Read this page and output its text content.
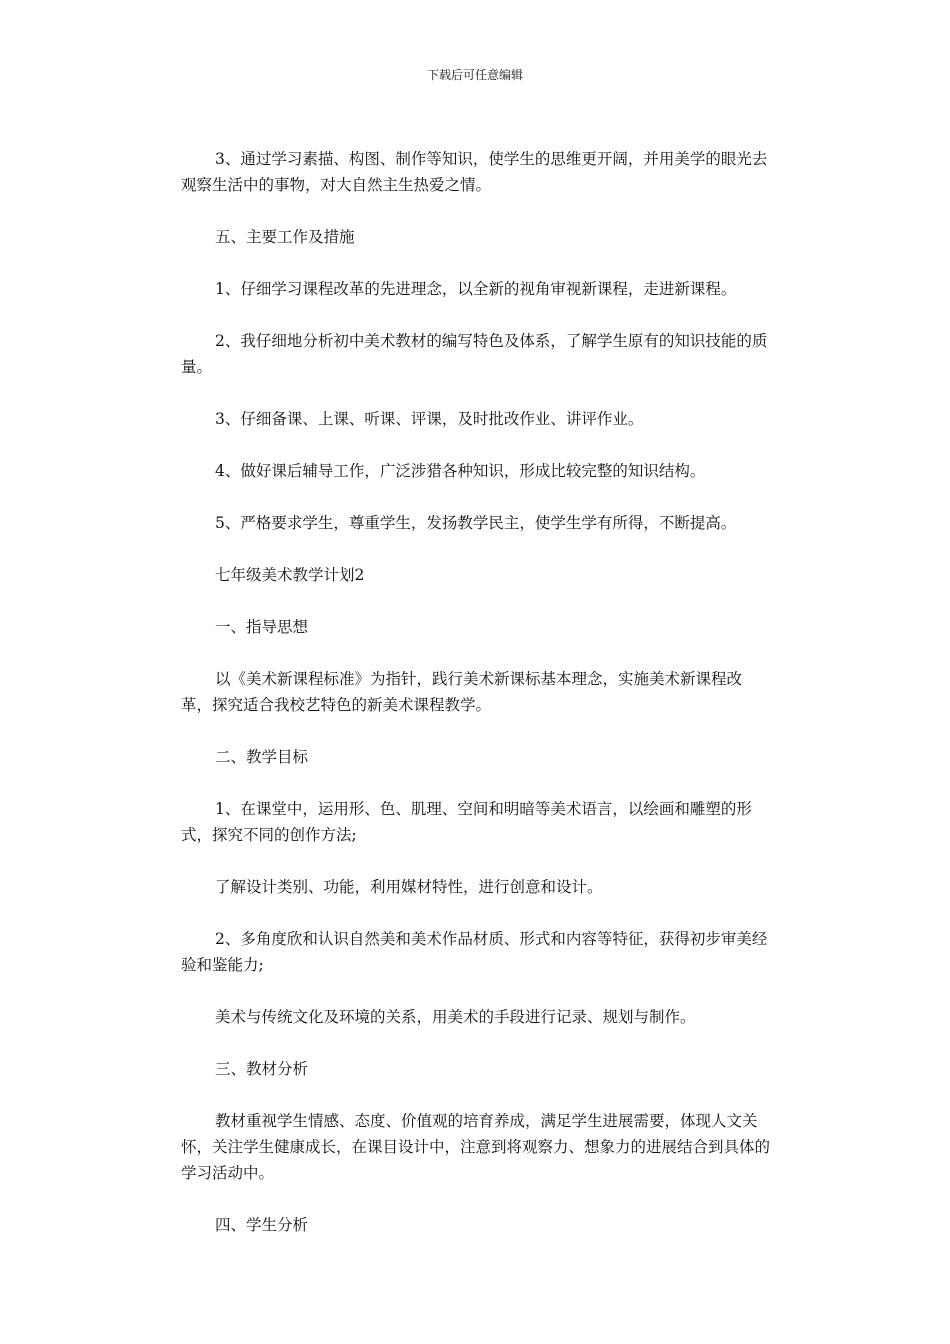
下载后可任意编辑

3、通过学习素描、构图、制作等知识，使学生的思维更开阔，并用美学的眼光去观察生活中的事物，对大自然主生热爱之情。

五、主要工作及措施

1、仔细学习课程改革的先进理念，以全新的视角审视新课程，走进新课程。

2、我仔细地分析初中美术教材的编写特色及体系，了解学生原有的知识技能的质量。

3、仔细备课、上课、听课、评课，及时批改作业、讲评作业。

4、做好课后辅导工作，广泛涉猎各种知识，形成比较完整的知识结构。

5、严格要求学生，尊重学生，发扬教学民主，使学生学有所得，不断提高。

七年级美术教学计划2

一、指导思想

以《美术新课程标准》为指针，践行美术新课标基本理念，实施美术新课程改革，探究适合我校艺特色的新美术课程教学。

二、教学目标

1、在课堂中，运用形、色、肌理、空间和明暗等美术语言，以绘画和雕塑的形式，探究不同的创作方法;

了解设计类别、功能，利用媒材特性，进行创意和设计。

2、多角度欣和认识自然美和美术作品材质、形式和内容等特征，获得初步审美经验和鉴能力;

美术与传统文化及环境的关系，用美术的手段进行记录、规划与制作。

三、教材分析

教材重视学生情感、态度、价值观的培育养成，满足学生进展需要，体现人文关怀，关注学生健康成长，在课目设计中，注意到将观察力、想象力的进展结合到具体的学习活动中。

四、学生分析
